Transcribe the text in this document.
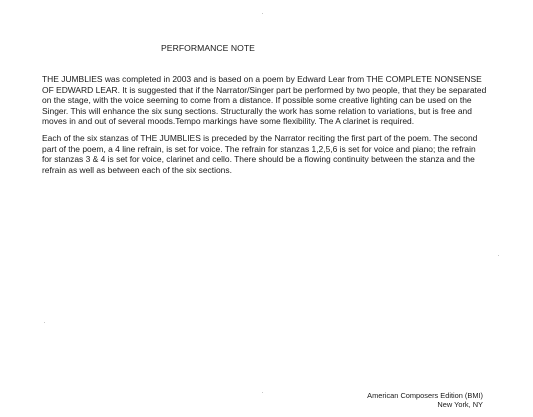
PERFORMANCE NOTE
THE JUMBLIES was completed in 2003 and is based on a poem by Edward Lear from THE COMPLETE NONSENSE
OF EDWARD LEAR. It is suggested that if the Narrator/Singer part be performed by two people, that they be separated
on the stage, with the voice seeming to come from a distance. If possible some creative lighting can be used on the
Singer. This will enhance the six sung sections. Structurally the work has some relation to variations, but is free and
moves in and out of several moods.Tempo markings have some flexibility. The A clarinet is required.
Each of the six stanzas of THE JUMBLIES is preceded by the Narrator reciting the first part of the poem. The second
part of the poem, a 4 line refrain, is set for voice. The refrain for stanzas 1,2,5,6 is set for voice and piano; the refrain
for stanzas 3 & 4 is set for voice, clarinet and cello. There should be a flowing continuity between the stanza and the
refrain as well as between each of the six sections.
American Composers Edition (BMI)
New York, NY
